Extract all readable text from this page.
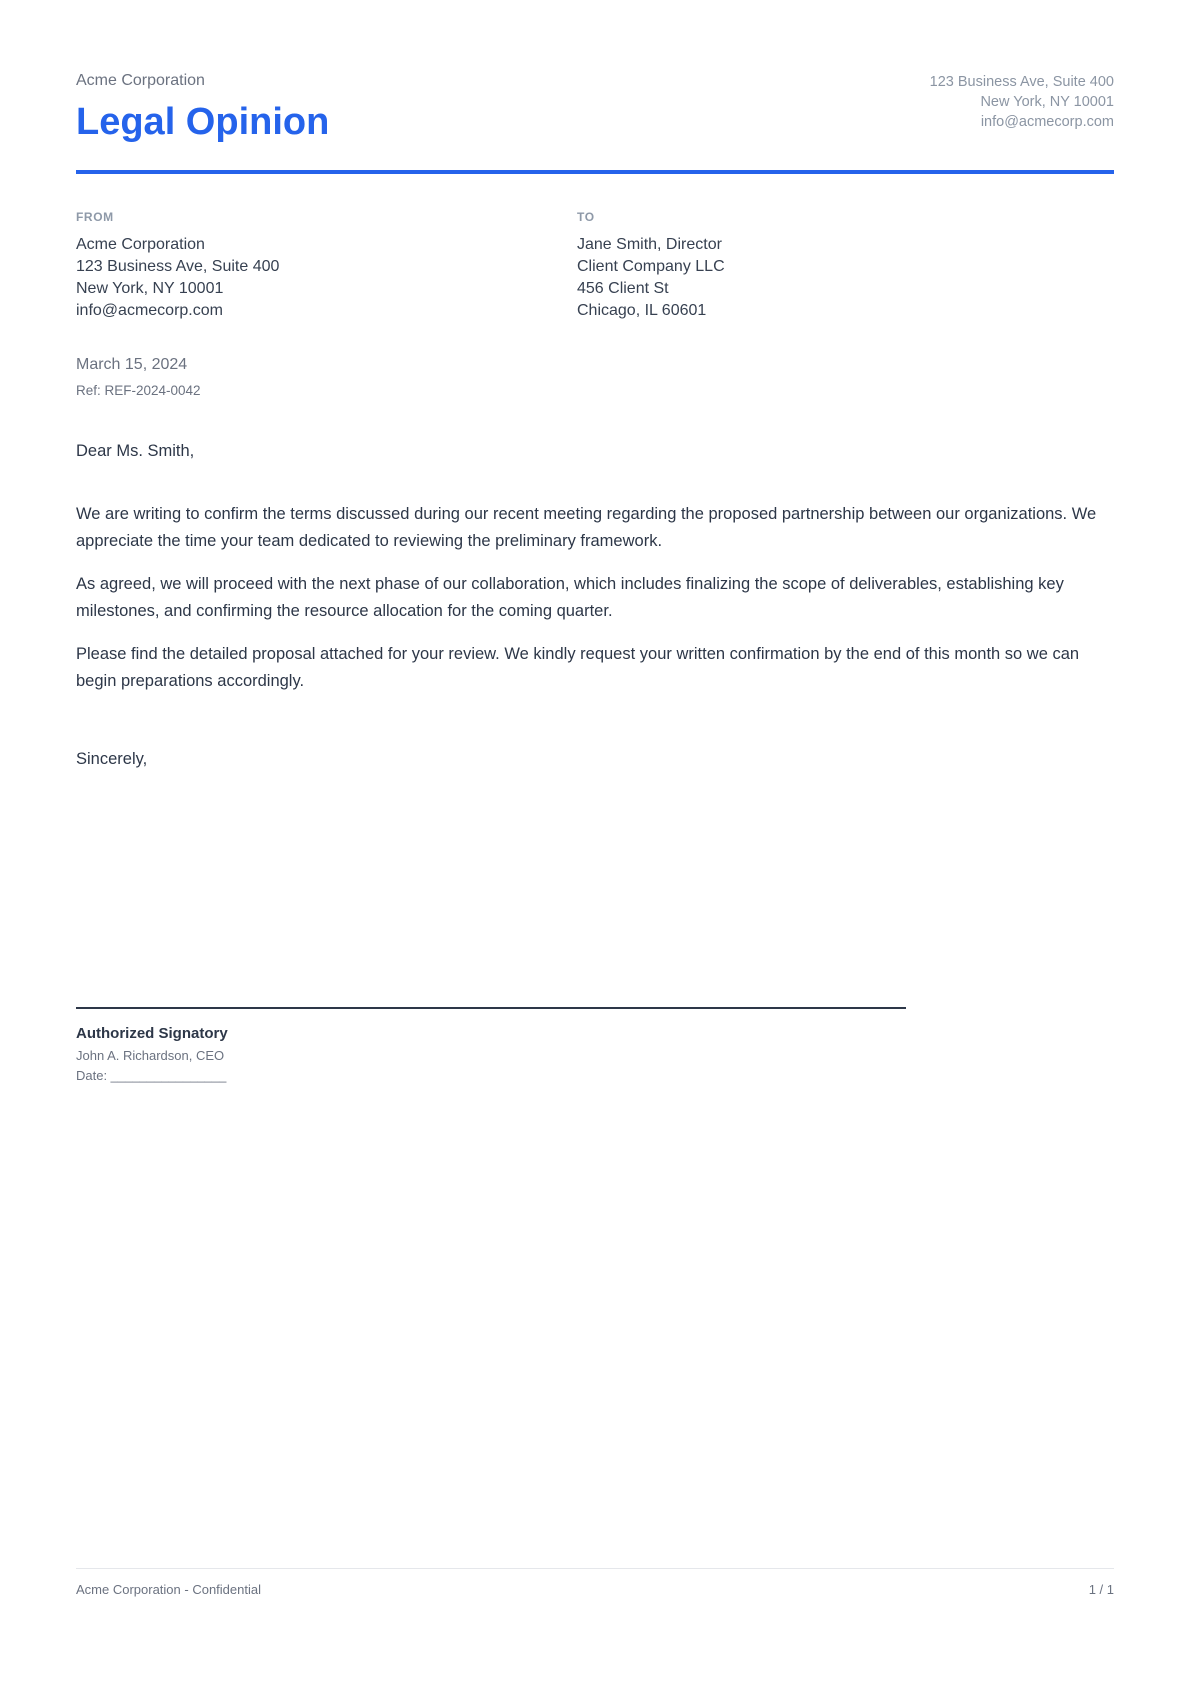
Acme Corporation
Legal Opinion
123 Business Ave, Suite 400
New York, NY 10001
info@acmecorp.com
FROM
Acme Corporation
123 Business Ave, Suite 400
New York, NY 10001
info@acmecorp.com
TO
Jane Smith, Director
Client Company LLC
456 Client St
Chicago, IL 60601
March 15, 2024
Ref: REF-2024-0042

Dear Ms. Smith,

We are writing to confirm the terms discussed during our recent meeting regarding the proposed partnership between our organizations. We appreciate the time your team dedicated to reviewing the preliminary framework.

As agreed, we will proceed with the next phase of our collaboration, which includes finalizing the scope of deliverables, establishing key milestones, and confirming the resource allocation for the coming quarter.

Please find the detailed proposal attached for your review. We kindly request your written confirmation by the end of this month so we can begin preparations accordingly.

Sincerely,

Authorized Signatory
John A. Richardson, CEO
Date: ________________
Acme Corporation - Confidential	1 / 1
